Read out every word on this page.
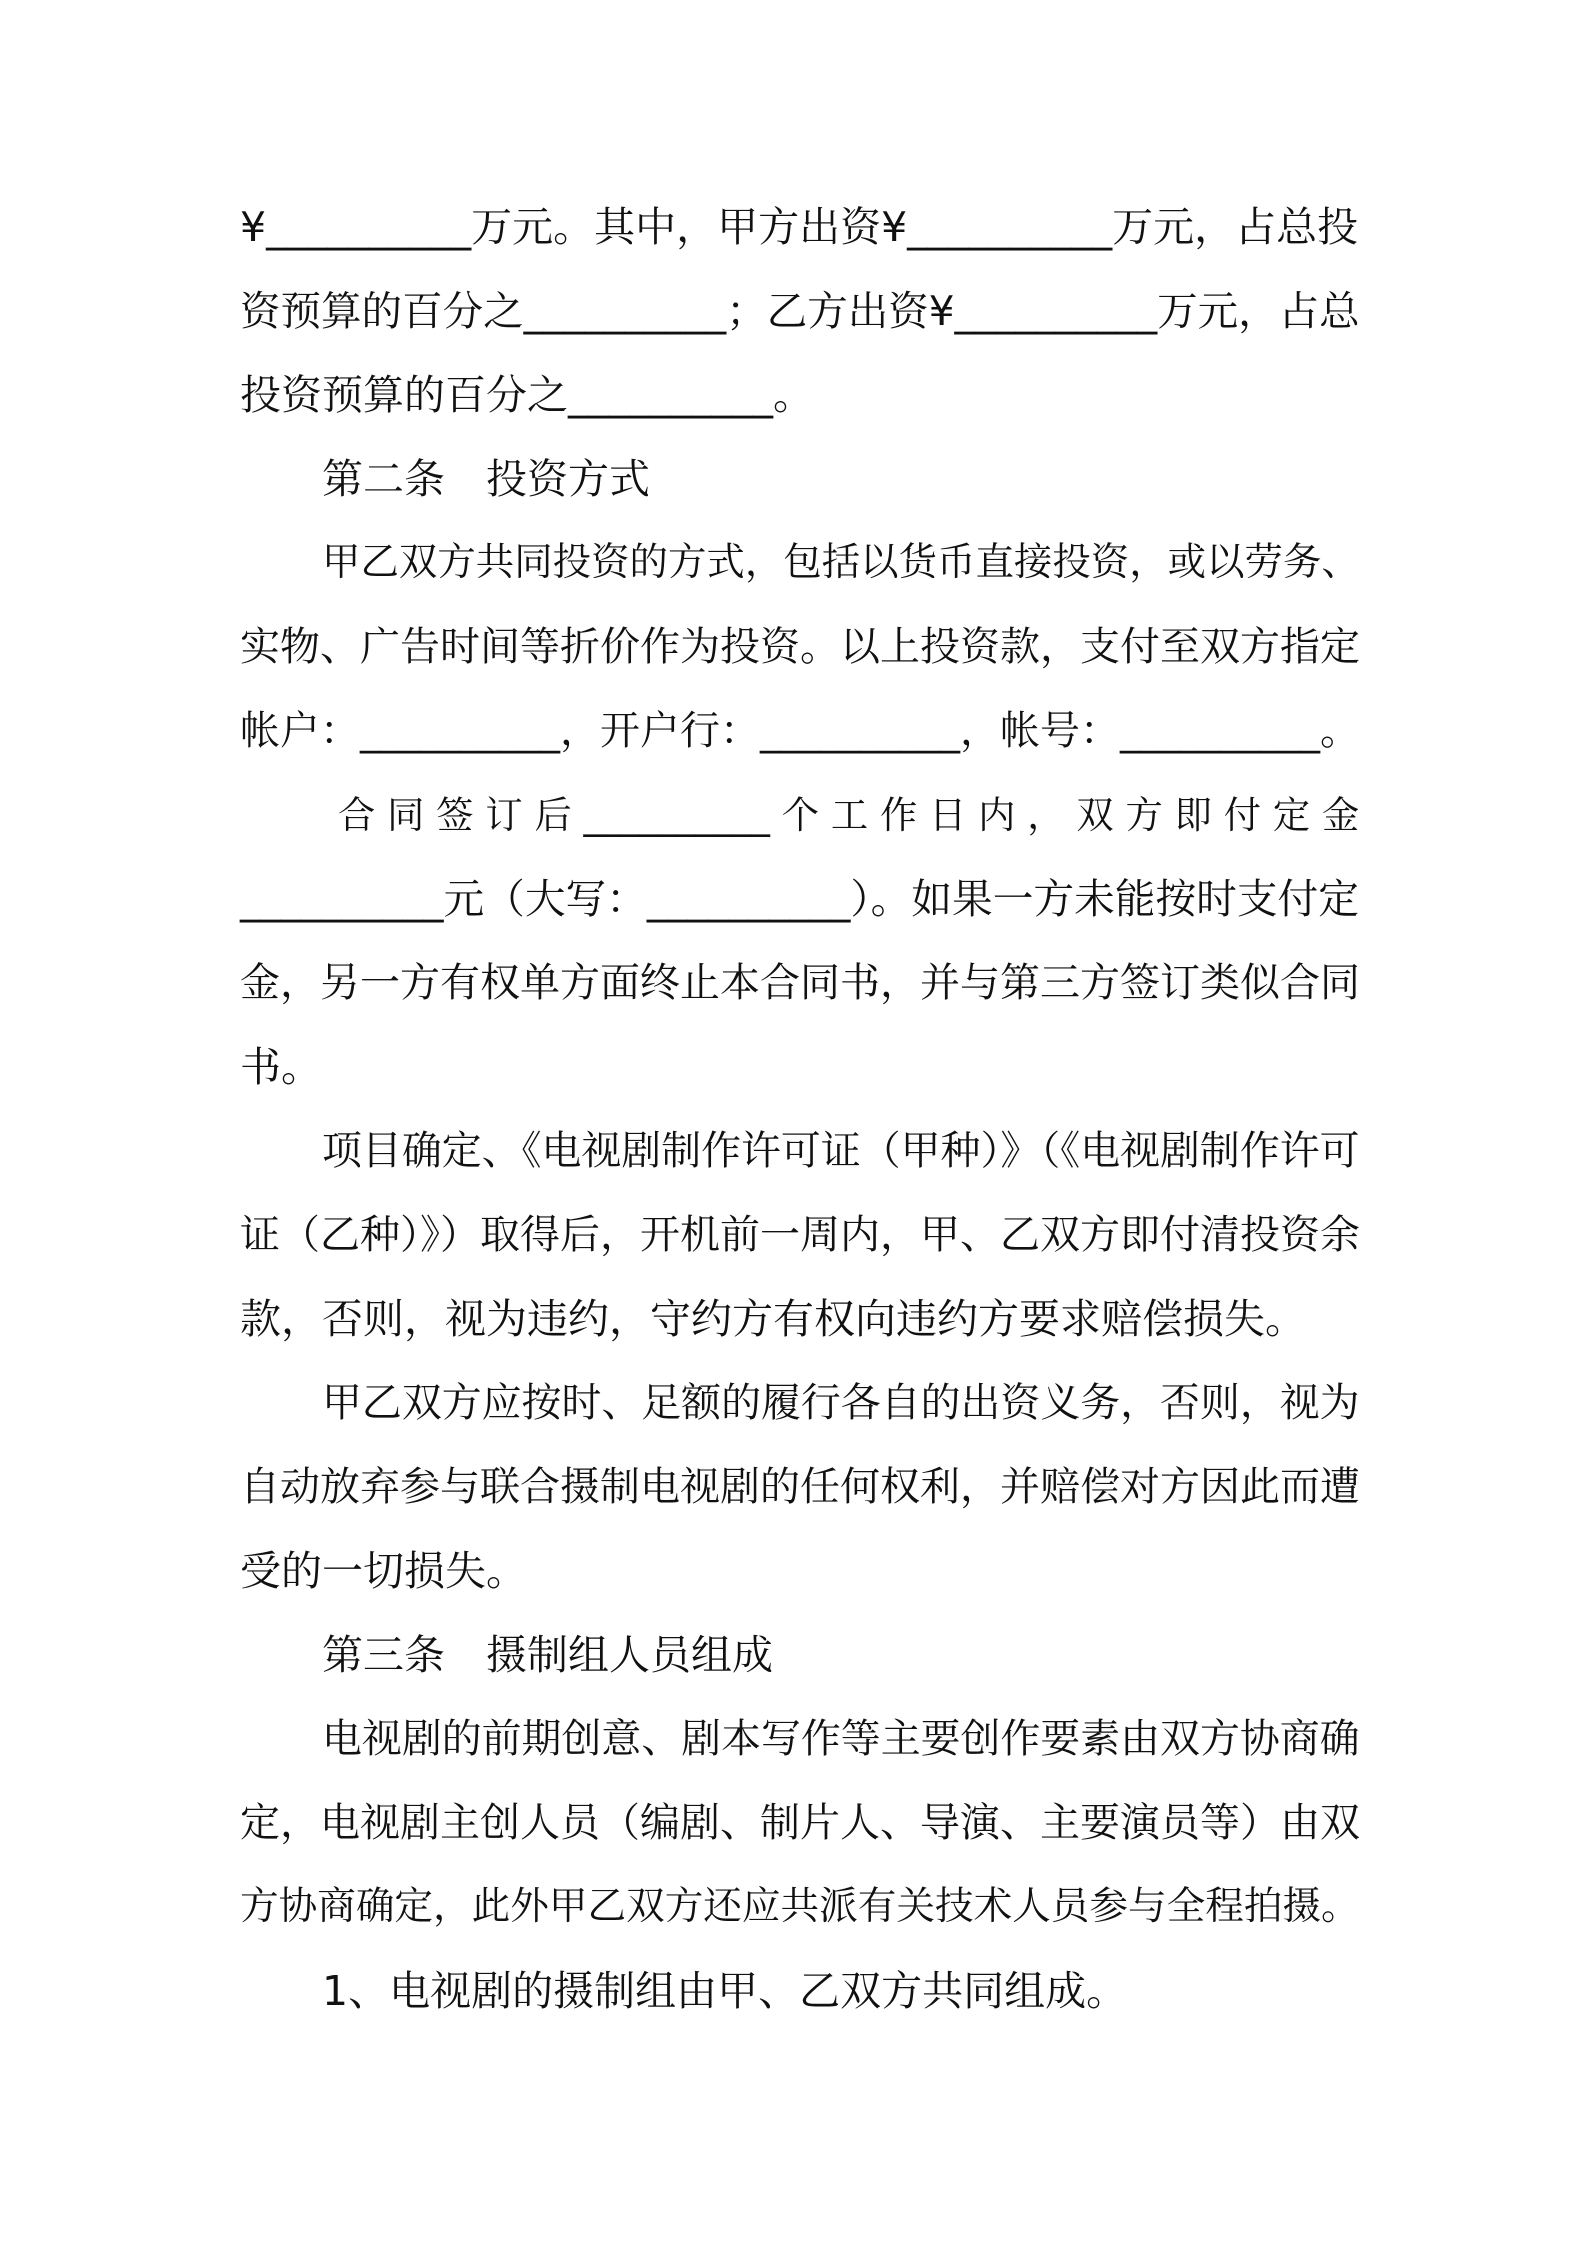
¥__________万元。其中，甲方出资¥__________万元，占总投
资预算的百分之__________；乙方出资¥__________万元，占总
投资预算的百分之__________。
第二条　投资方式
甲乙双方共同投资的方式，包括以货币直接投资，或以劳务、
实物、广告时间等折价作为投资。以上投资款，支付至双方指定
帐户：__________，开户行：__________，帐号：__________。
合 同 签 订 后 __________ 个 工 作 日 内 ， 双 方 即 付 定 金
__________元（大写：__________）。如果一方未能按时支付定
金，另一方有权单方面终止本合同书，并与第三方签订类似合同
书。
项目确定、《电视剧制作许可证（甲种）》（《电视剧制作许可
证（乙种）》）取得后，开机前一周内，甲、乙双方即付清投资余
款，否则，视为违约，守约方有权向违约方要求赔偿损失。
甲乙双方应按时、足额的履行各自的出资义务，否则，视为
自动放弃参与联合摄制电视剧的任何权利，并赔偿对方因此而遭
受的一切损失。
第三条　摄制组人员组成
电视剧的前期创意、剧本写作等主要创作要素由双方协商确
定，电视剧主创人员（编剧、制片人、导演、主要演员等）由双
方协商确定，此外甲乙双方还应共派有关技术人员参与全程拍摄。
1、电视剧的摄制组由甲、乙双方共同组成。
